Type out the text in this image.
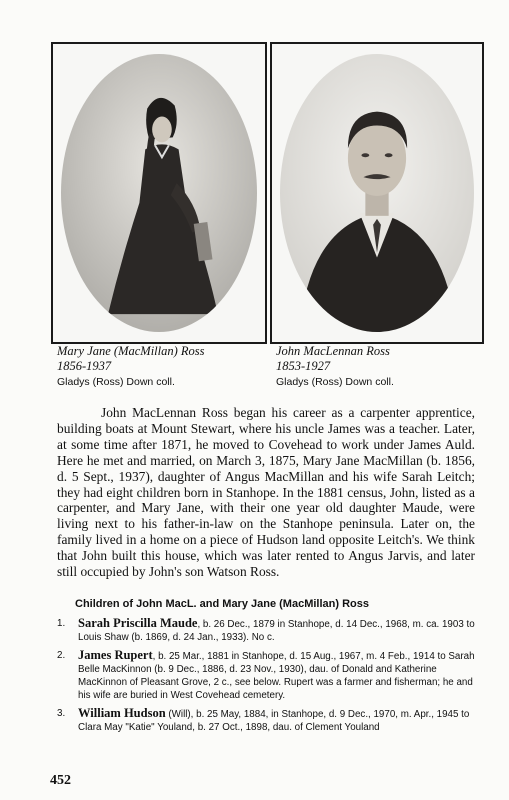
Mary Jane (MacMillan) Ross
1856-1937
Gladys (Ross) Down coll.
John MacLennan Ross
1853-1927
Gladys (Ross) Down coll.

John MacLennan Ross began his career as a carpenter apprentice, building boats at Mount Stewart, where his uncle James was a teacher. Later, at some time after 1871, he moved to Covehead to work under James Auld. Here he met and married, on March 3, 1875, Mary Jane MacMillan (b. 1856, d. 5 Sept., 1937), daughter of Angus MacMillan and his wife Sarah Leitch; they had eight children born in Stanhope. In the 1881 census, John, listed as a carpenter, and Mary Jane, with their one year old daughter Maude, were living next to his father-in-law on the Stanhope peninsula. Later on, the family lived in a home on a piece of Hudson land opposite Leitch's. We think that John built this house, which was later rented to Angus Jarvis, and later still occupied by John's son Watson Ross.

Children of John MacL. and Mary Jane (MacMillan) Ross
1. Sarah Priscilla Maude, b. 26 Dec., 1879 in Stanhope, d. 14 Dec., 1968, m. ca. 1903 to Louis Shaw (b. 1869, d. 24 Jan., 1933). No c.
2. James Rupert, b. 25 Mar., 1881 in Stanhope, d. 15 Aug., 1967, m. 4 Feb., 1914 to Sarah Belle MacKinnon (b. 9 Dec., 1886, d. 23 Nov., 1930), dau. of Donald and Katherine MacKinnon of Pleasant Grove, 2 c., see below. Rupert was a farmer and fisherman; he and his wife are buried in West Covehead cemetery.
3. William Hudson (Will), b. 25 May, 1884, in Stanhope, d. 9 Dec., 1970, m. Apr., 1945 to Clara May "Katie" Youland, b. 27 Oct., 1898, dau. of Clement Youland
452
